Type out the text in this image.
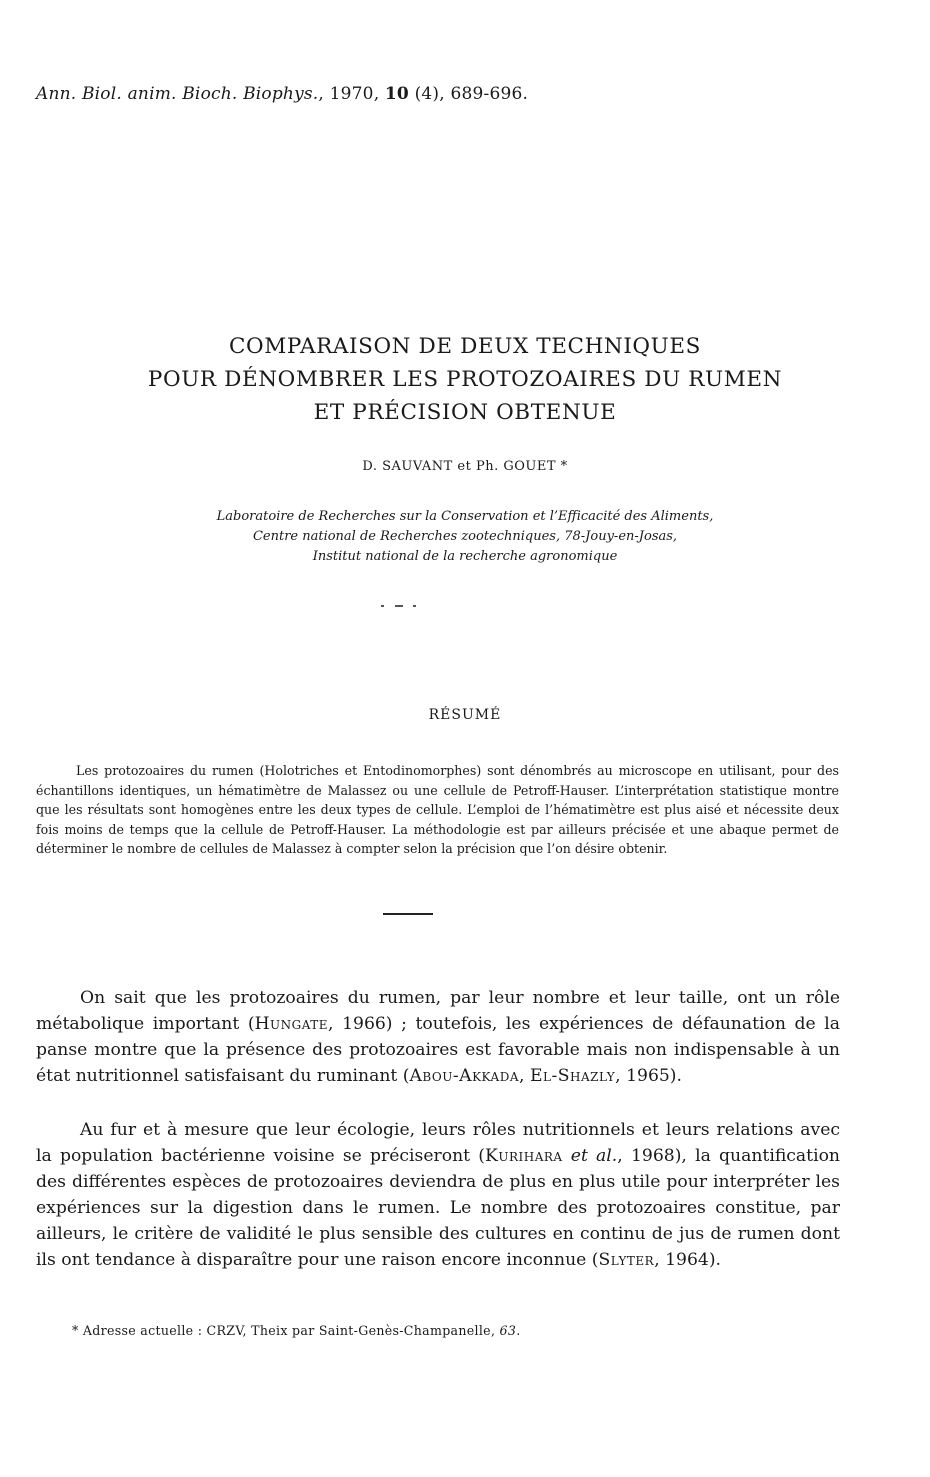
Ann. Biol. anim. Bioch. Biophys., 1970, 10 (4), 689-696.
COMPARAISON DE DEUX TECHNIQUES
POUR DÉNOMBRER LES PROTOZOAIRES DU RUMEN
ET PRÉCISION OBTENUE
D. SAUVANT et Ph. GOUET *
Laboratoire de Recherches sur la Conservation et l’Efficacité des Aliments,
Centre national de Recherches zootechniques, 78-Jouy-en-Josas,
Institut national de la recherche agronomique
RÉSUMÉ

Les protozoaires du rumen (Holotriches et Entodinomorphes) sont dénombrés au microscope en utilisant, pour des échantillons identiques, un hématimètre de Malassez ou une cellule de Petroff-Hauser. L’interprétation statistique montre que les résultats sont homogènes entre les deux types de cellule. L’emploi de l’hématimètre est plus aisé et nécessite deux fois moins de temps que la cellule de Petroff-Hauser. La méthodologie est par ailleurs précisée et une abaque permet de déterminer le nombre de cellules de Malassez à compter selon la précision que l’on désire obtenir.

On sait que les protozoaires du rumen, par leur nombre et leur taille, ont un rôle métabolique important (Hungate, 1966) ; toutefois, les expériences de défaunation de la panse montre que la présence des protozoaires est favorable mais non indispensable à un état nutritionnel satisfaisant du ruminant (Abou-Akkada, El-Shazly, 1965).

Au fur et à mesure que leur écologie, leurs rôles nutritionnels et leurs relations avec la population bactérienne voisine se préciseront (Kurihara et al., 1968), la quantification des différentes espèces de protozoaires deviendra de plus en plus utile pour interpréter les expériences sur la digestion dans le rumen. Le nombre des protozoaires constitue, par ailleurs, le critère de validité le plus sensible des cultures en continu de jus de rumen dont ils ont tendance à disparaître pour une raison encore inconnue (Slyter, 1964).

* Adresse actuelle : CRZV, Theix par Saint-Genès-Champanelle, 63.
